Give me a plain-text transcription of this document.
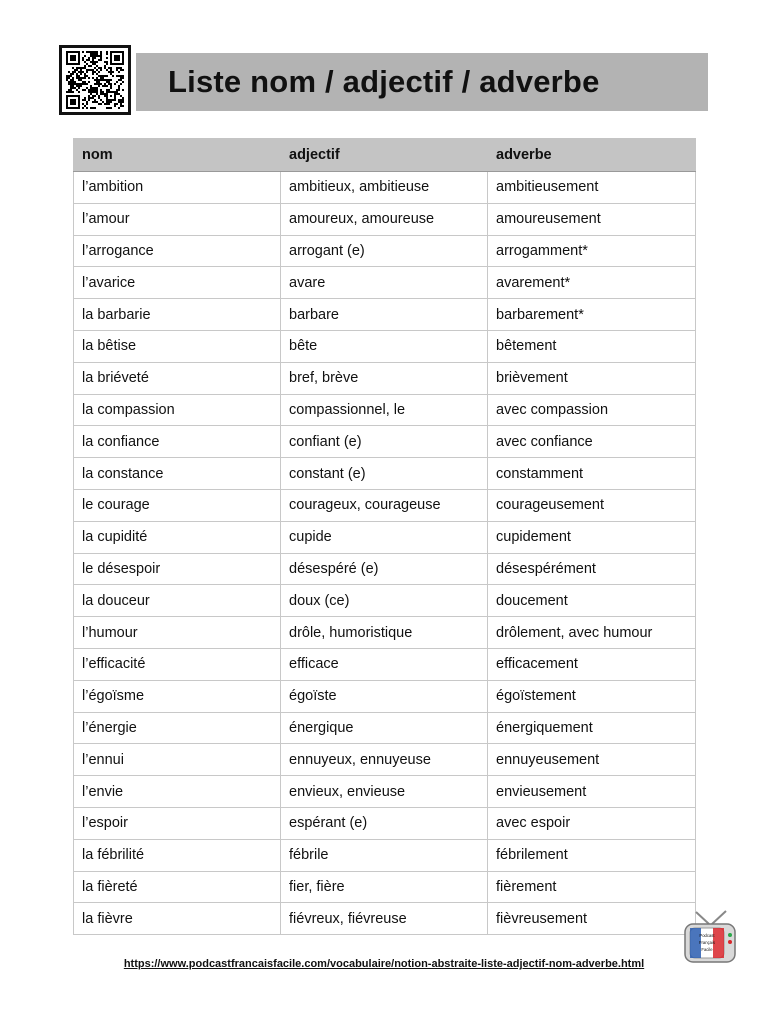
Liste nom / adjectif / adverbe
nom	adjectif	adverbe
l’ambition	ambitieux, ambitieuse	ambitieusement
l’amour	amoureux, amoureuse	amoureusement
l’arrogance	arrogant (e)	arrogamment*
l’avarice	avare	avarement*
la barbarie	barbare	barbarement*
la bêtise	bête	bêtement
la briéveté	bref, brève	brièvement
la compassion	compassionnel, le	avec compassion
la confiance	confiant (e)	avec confiance
la constance	constant (e)	constamment
le courage	courageux, courageuse	courageusement
la cupidité	cupide	cupidement
le désespoir	désespéré (e)	désespérément
la douceur	doux (ce)	doucement
l’humour	drôle, humoristique	drôlement, avec humour
l’efficacité	efficace	efficacement
l’égoïsme	égoïste	égoïstement
l’énergie	énergique	énergiquement
l’ennui	ennuyeux, ennuyeuse	ennuyeusement
l’envie	envieux, envieuse	envieusement
l’espoir	espérant (e)	avec espoir
la fébrilité	fébrile	fébrilement
la fièreté	fier, fière	fièrement
la fièvre	fiévreux, fiévreuse	fièvreusement
https://www.podcastfrancaisfacile.com/vocabulaire/notion-abstraite-liste-adjectif-nom-adverbe.html
Podcast
Français
Facile
